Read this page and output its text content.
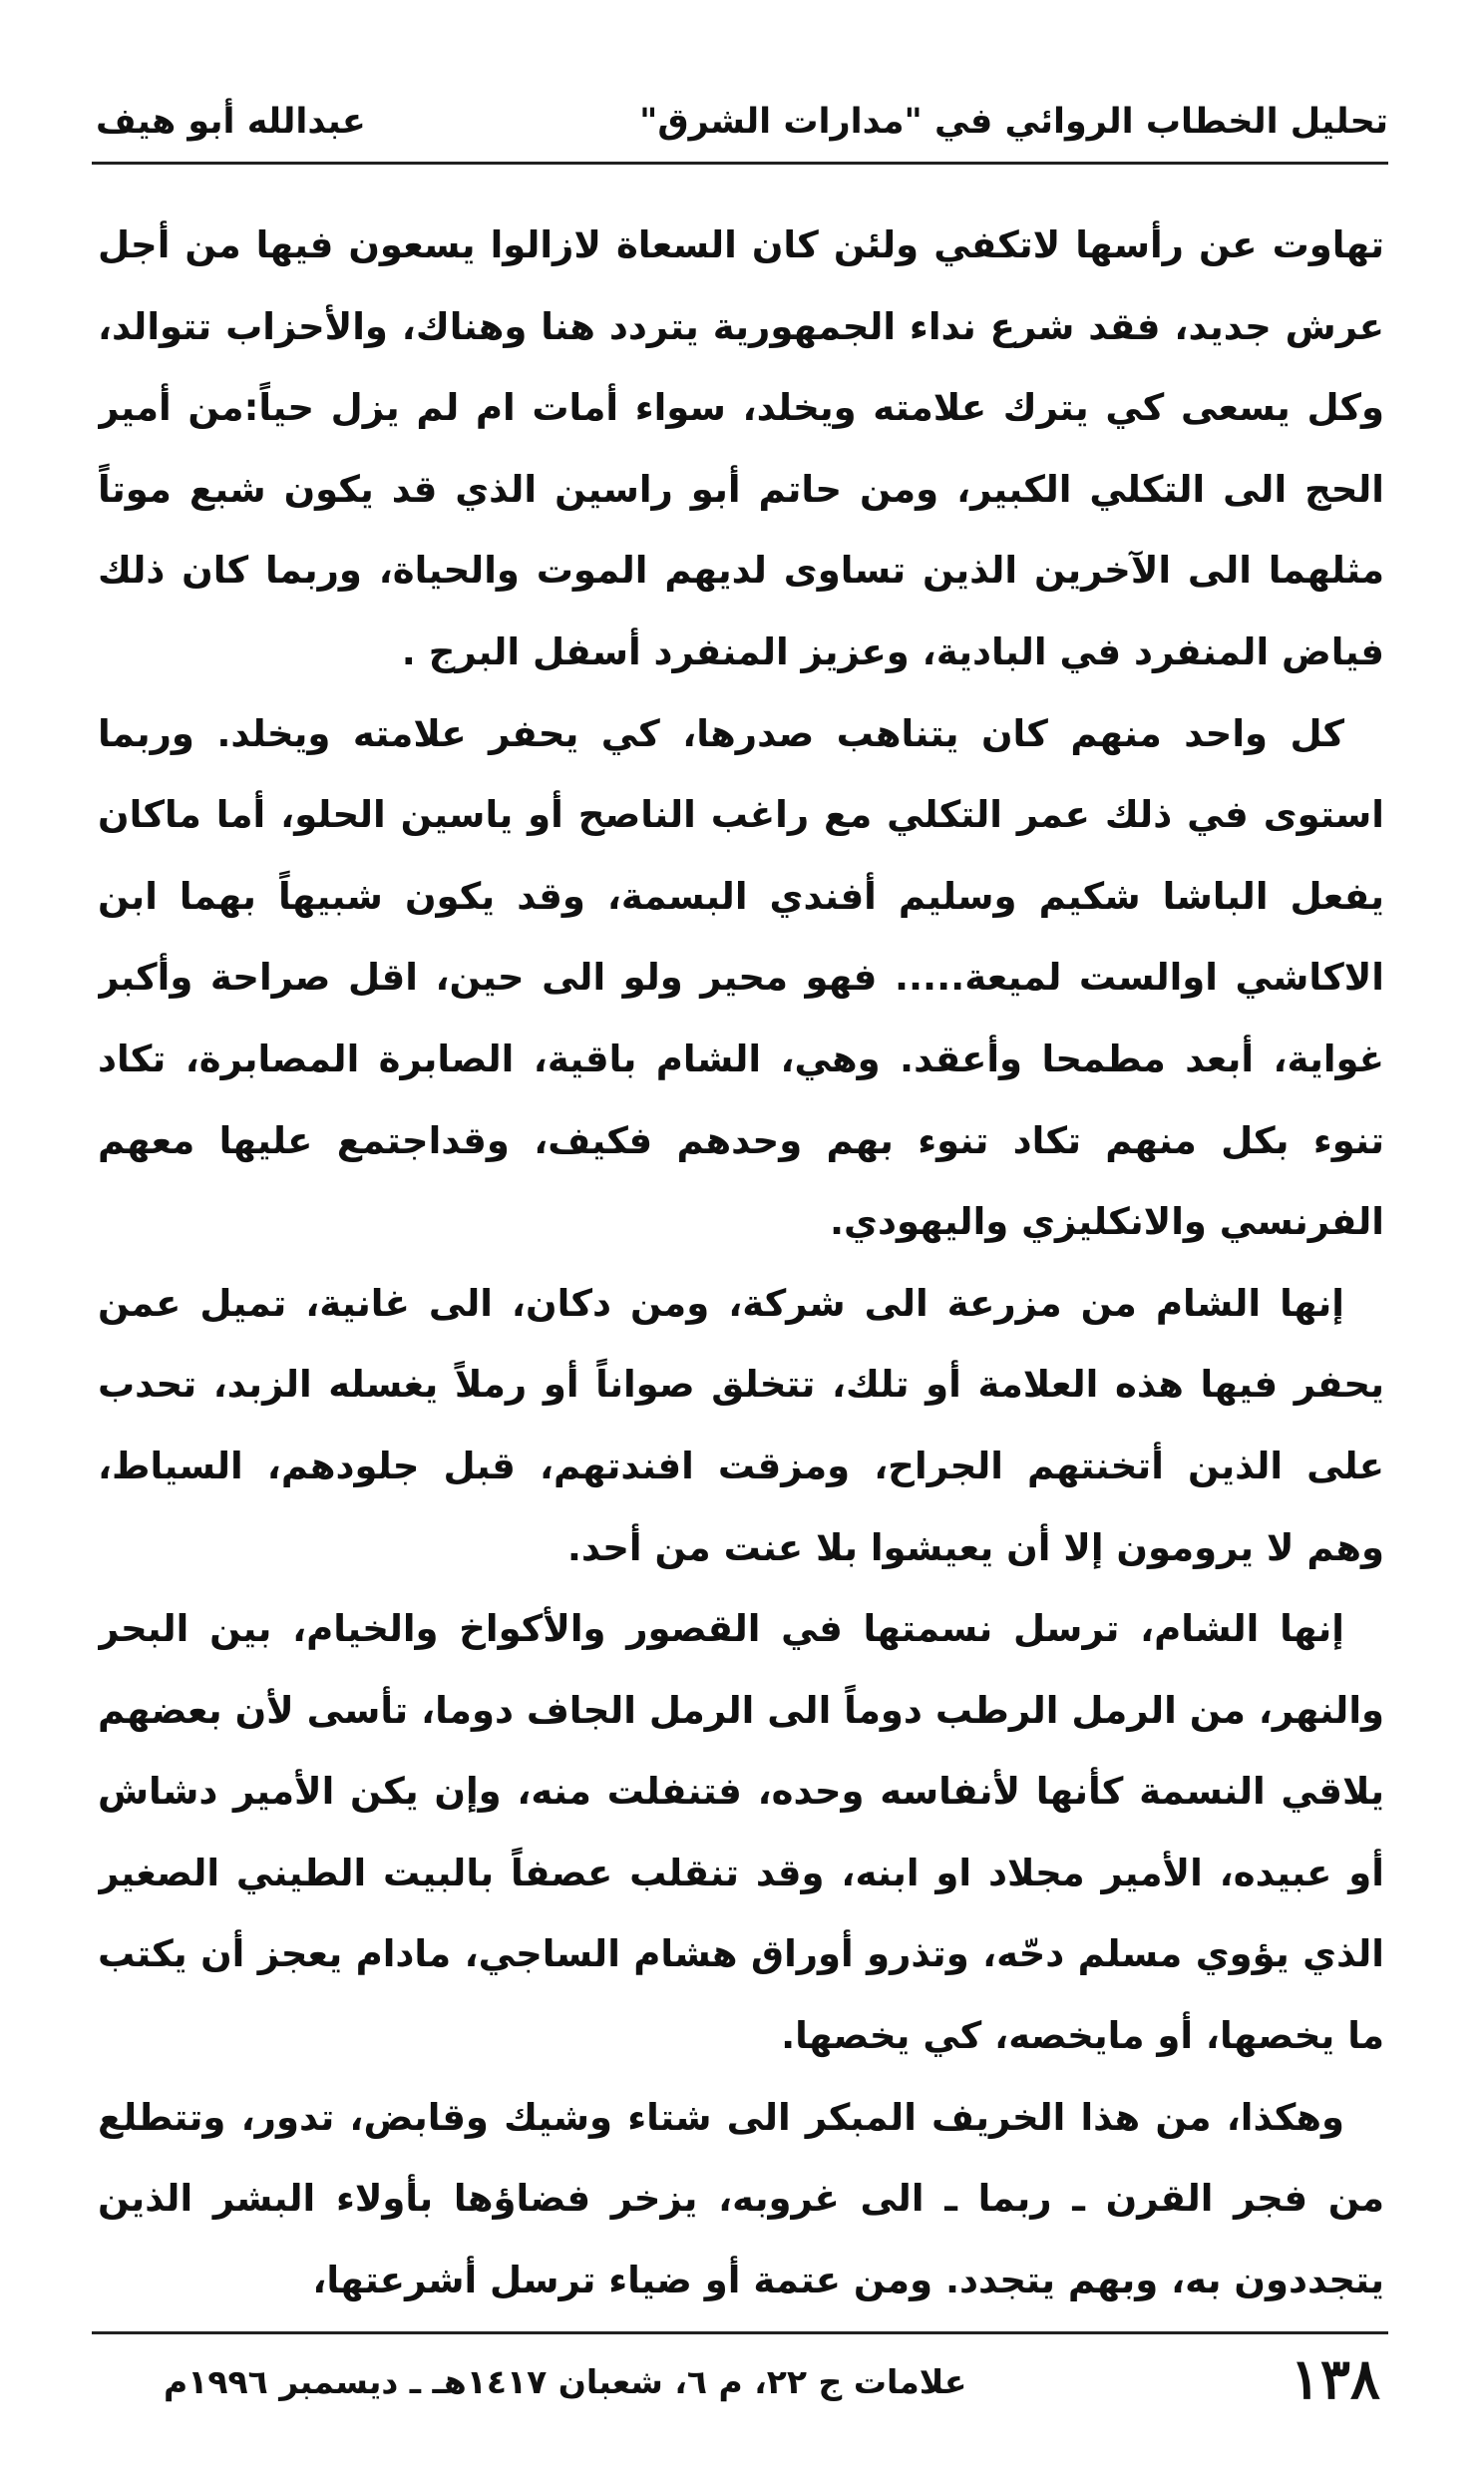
تحليل الخطاب الروائي في "مدارات الشرق"
عبدالله أبو هيف

تهاوت عن رأسها لاتكفي ولئن كان السعاة لازالوا يسعون فيها من أجل عرش جديد، فقد شرع نداء الجمهورية يتردد هنا وهناك، والأحزاب تتوالد، وكل يسعى كي يترك علامته ويخلد، سواء أمات ام لم يزل حياً:من أمير الحج الى التكلي الكبير، ومن حاتم أبو راسين الذي قد يكون شبع موتاً مثلهما الى الآخرين الذين تساوى لديهم الموت والحياة، وربما كان ذلك فياض المنفرد في البادية، وعزيز المنفرد أسفل البرج .

كل واحد منهم كان يتناهب صدرها، كي يحفر علامته ويخلد. وربما استوى في ذلك عمر التكلي مع راغب الناصح أو ياسين الحلو، أما ماكان يفعل الباشا شكيم وسليم أفندي البسمة، وقد يكون شبيهاً بهما ابن الاكاشي اوالست لميعة..... فهو محير ولو الى حين، اقل صراحة وأكبر غواية، أبعد مطمحا وأعقد. وهي، الشام باقية، الصابرة المصابرة، تكاد تنوء بكل منهم تكاد تنوء بهم وحدهم فكيف، وقداجتمع عليها معهم الفرنسي والانكليزي واليهودي.

إنها الشام من مزرعة الى شركة، ومن دكان، الى غانية، تميل عمن يحفر فيها هذه العلامة أو تلك، تتخلق صواناً أو رملاً يغسله الزبد، تحدب على الذين أتخنتهم الجراح، ومزقت افندتهم، قبل جلودهم، السياط، وهم لا يرومون إلا أن يعيشوا بلا عنت من أحد.

إنها الشام، ترسل نسمتها في القصور والأكواخ والخيام، بين البحر والنهر، من الرمل الرطب دوماً الى الرمل الجاف دوما، تأسى لأن بعضهم يلاقي النسمة كأنها لأنفاسه وحده، فتنفلت منه، وإن يكن الأمير دشاش أو عبيده، الأمير مجلاد او ابنه، وقد تنقلب عصفاً بالبيت الطيني الصغير الذي يؤوي مسلم دحّه، وتذرو أوراق هشام الساجي، مادام يعجز أن يكتب ما يخصها، أو مايخصه، كي يخصها.

وهكذا، من هذا الخريف المبكر الى شتاء وشيك وقابض، تدور، وتتطلع من فجر القرن ـ ربما ـ الى غروبه، يزخر فضاؤها بأولاء البشر الذين يتجددون به، وبهم يتجدد. ومن عتمة أو ضياء ترسل أشرعتها،

١٣٨
علامات ج ٢٢، م ٦، شعبان ١٤١٧هـ ـ ديسمبر ١٩٩٦م
